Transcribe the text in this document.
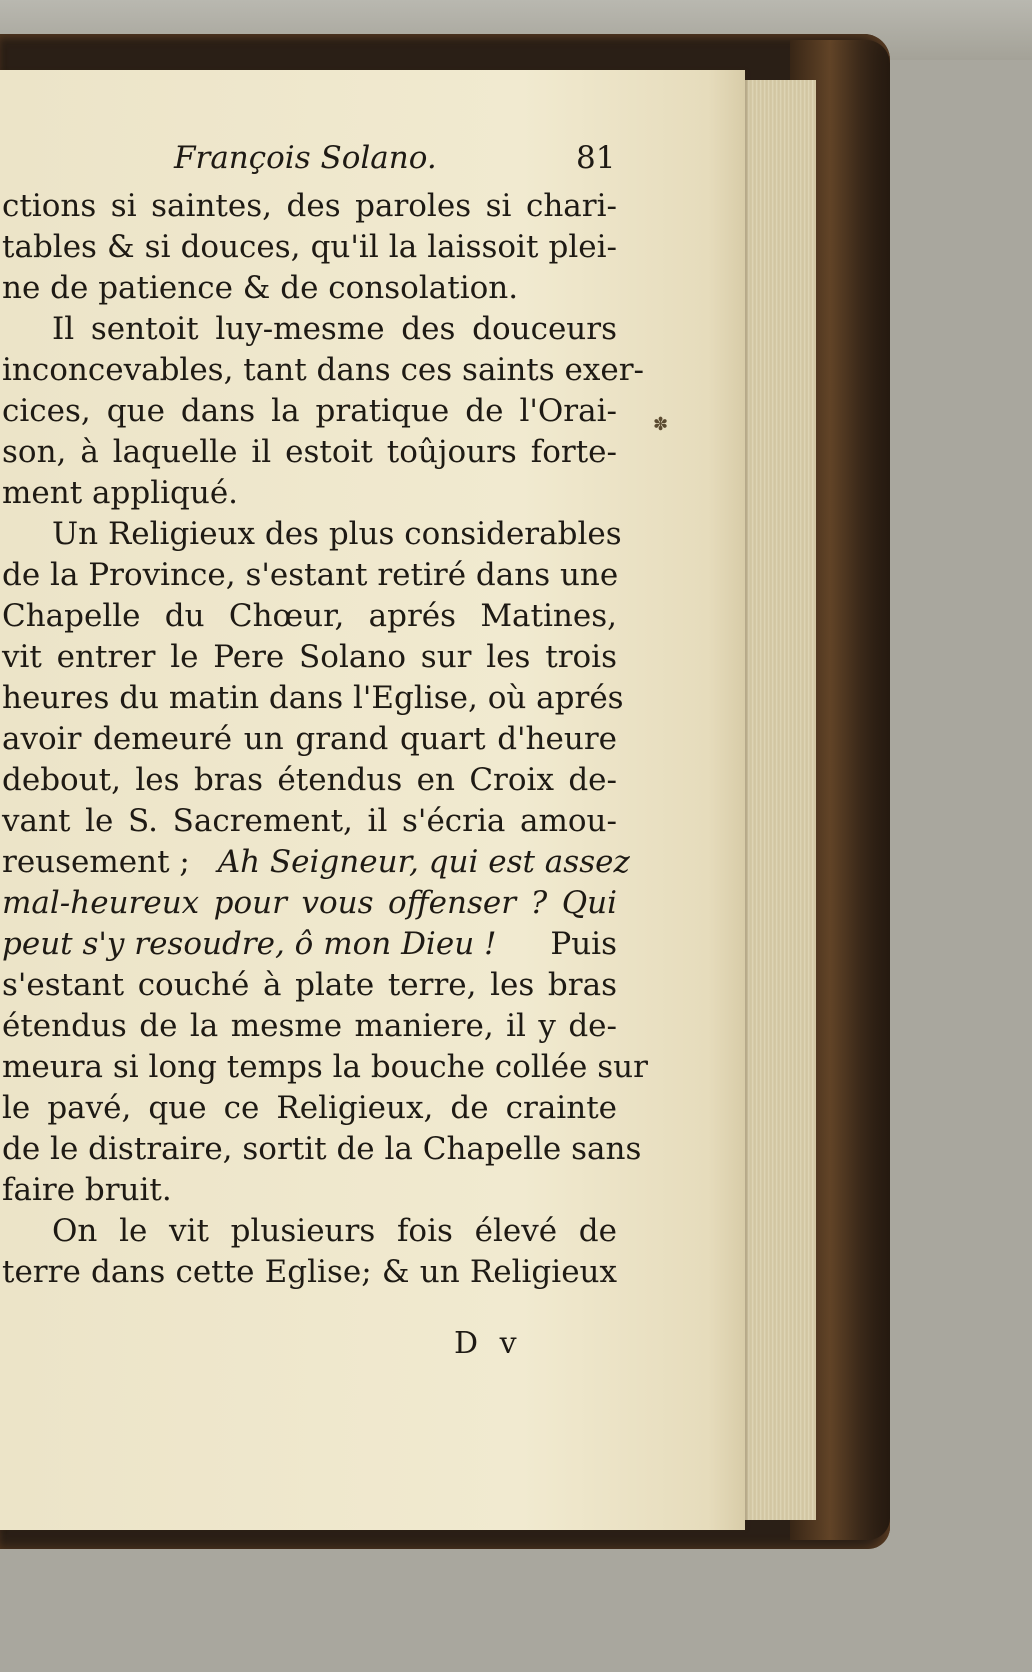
François Solano.	81
ctions si saintes, des paroles si chari-
tables & si douces, qu'il la laissoit plei-
ne de patience & de consolation.
Il sentoit luy-mesme des douceurs
inconcevables, tant dans ces saints exer-
cices, que dans la pratique de l'Orai-
son, à laquelle il estoit toûjours forte-
ment appliqué.
Un Religieux des plus considerables
de la Province, s'estant retiré dans une
Chapelle du Chœur, aprés Matines,
vit entrer le Pere Solano sur les trois
heures du matin dans l'Eglise, où aprés
avoir demeuré un grand quart d'heure
debout, les bras étendus en Croix de-
vant le S. Sacrement, il s'écria amou-
reusement ; Ah Seigneur, qui est assez
mal-heureux pour vous offenser ? Qui
peut s'y resoudre, ô mon Dieu ! Puis
s'estant couché à plate terre, les bras
étendus de la mesme maniere, il y de-
meura si long temps la bouche collée sur
le pavé, que ce Religieux, de crainte
de le distraire, sortit de la Chapelle sans
faire bruit.
On le vit plusieurs fois élevé de
terre dans cette Eglise; & un Religieux
D v
✽
